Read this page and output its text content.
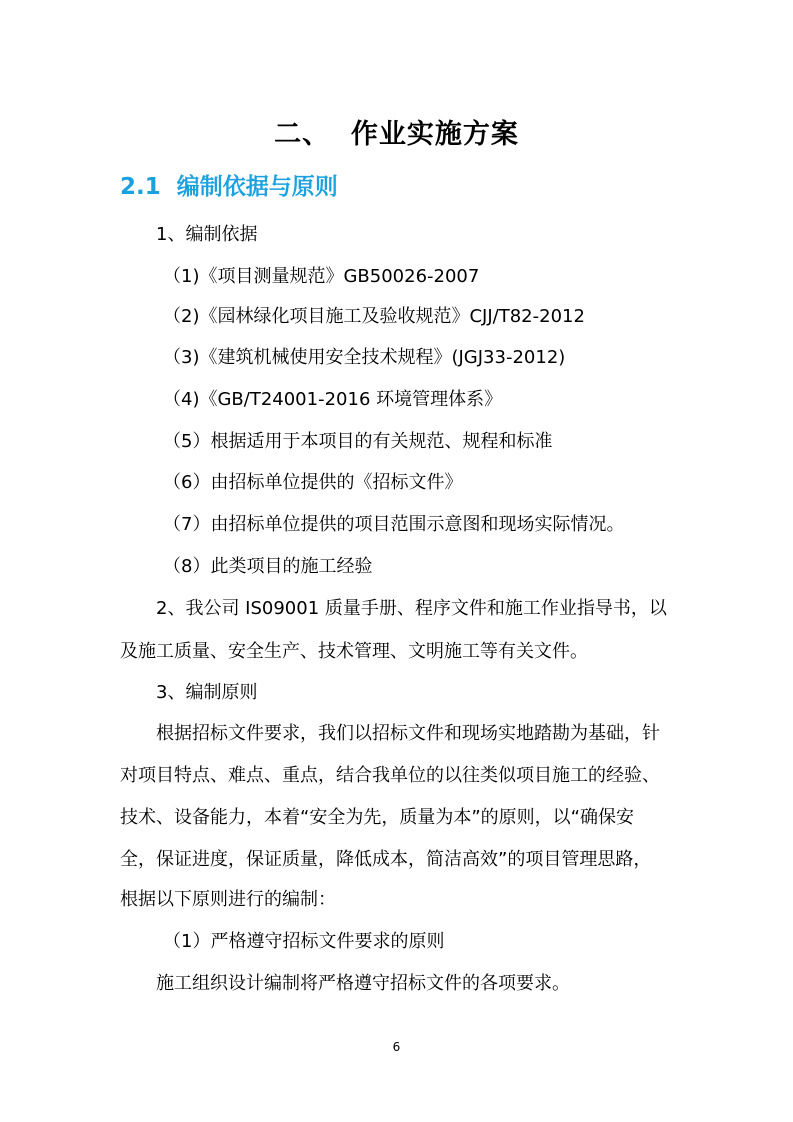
二、  作业实施方案
2.1  编制依据与原则
1、编制依据
（1)《项目测量规范》GB50026-2007
（2)《园林绿化项目施工及验收规范》CJJ/T82-2012
（3)《建筑机械使用安全技术规程》(JGJ33-2012)
（4)《GB/T24001-2016 环境管理体系》
（5）根据适用于本项目的有关规范、规程和标准
（6）由招标单位提供的《招标文件》
（7）由招标单位提供的项目范围示意图和现场实际情况。
（8）此类项目的施工经验
2、我公司 IS09001 质量手册、程序文件和施工作业指导书，以
及施工质量、安全生产、技术管理、文明施工等有关文件。
3、编制原则
根据招标文件要求，我们以招标文件和现场实地踏勘为基础，针
对项目特点、难点、重点，结合我单位的以往类似项目施工的经验、
技术、设备能力，本着“安全为先，质量为本”的原则，以“确保安
全，保证进度，保证质量，降低成本，简洁高效”的项目管理思路，
根据以下原则进行的编制：
（1）严格遵守招标文件要求的原则
施工组织设计编制将严格遵守招标文件的各项要求。
6
